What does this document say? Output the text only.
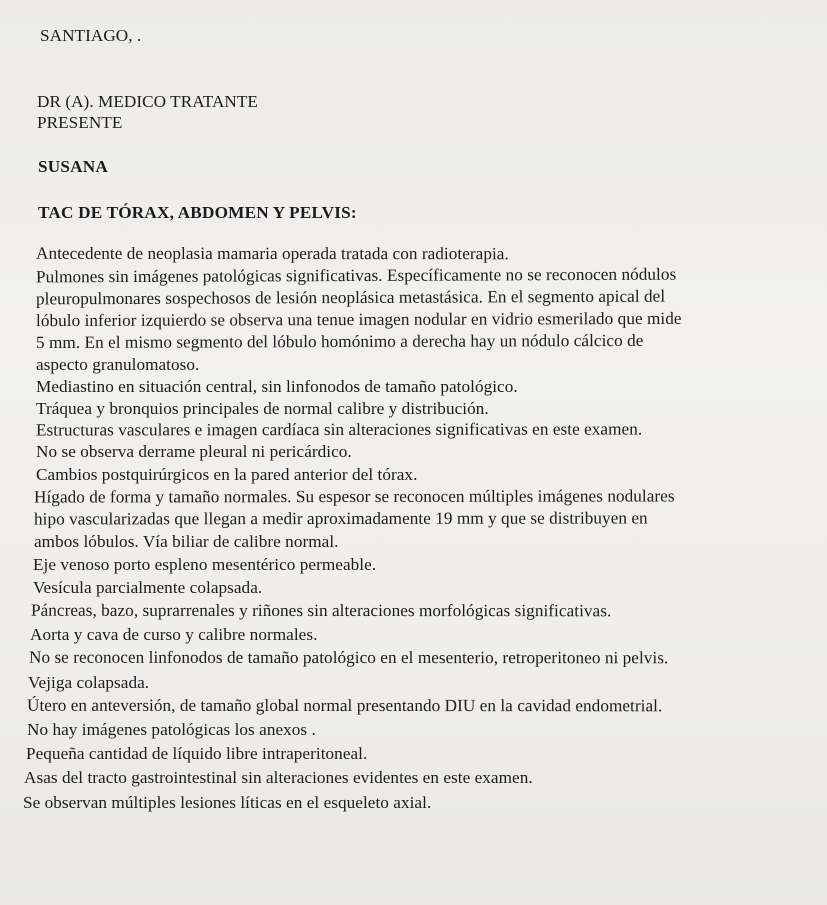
SANTIAGO, .
DR (A). MEDICO TRATANTE
PRESENTE
SUSANA
TAC DE TÓRAX, ABDOMEN Y PELVIS:
Antecedente de neoplasia mamaria operada tratada con radioterapia.
Pulmones sin imágenes patológicas significativas. Específicamente no se reconocen nódulos
pleuropulmonares sospechosos de lesión neoplásica metastásica. En el segmento apical del
lóbulo inferior izquierdo se observa una tenue imagen nodular en vidrio esmerilado que mide
5 mm. En el mismo segmento del lóbulo homónimo a derecha hay un nódulo cálcico de
aspecto granulomatoso.
Mediastino en situación central, sin linfonodos de tamaño patológico.
Tráquea y bronquios principales de normal calibre y distribución.
Estructuras vasculares e imagen cardíaca sin alteraciones significativas en este examen.
No se observa derrame pleural ni pericárdico.
Cambios postquirúrgicos en la pared anterior del tórax.
Hígado de forma y tamaño normales. Su espesor se reconocen múltiples imágenes nodulares
hipo vascularizadas que llegan a medir aproximadamente 19 mm y que se distribuyen en
ambos lóbulos. Vía biliar de calibre normal.
Eje venoso porto espleno mesentérico permeable.
Vesícula parcialmente colapsada.
Páncreas, bazo, suprarrenales y riñones sin alteraciones morfológicas significativas.
Aorta y cava de curso y calibre normales.
No se reconocen linfonodos de tamaño patológico en el mesenterio, retroperitoneo ni pelvis.
Vejiga colapsada.
Útero en anteversión, de tamaño global normal presentando DIU en la cavidad endometrial.
No hay imágenes patológicas los anexos .
Pequeña cantidad de líquido libre intraperitoneal.
Asas del tracto gastrointestinal sin alteraciones evidentes en este examen.
Se observan múltiples lesiones líticas en el esqueleto axial.
